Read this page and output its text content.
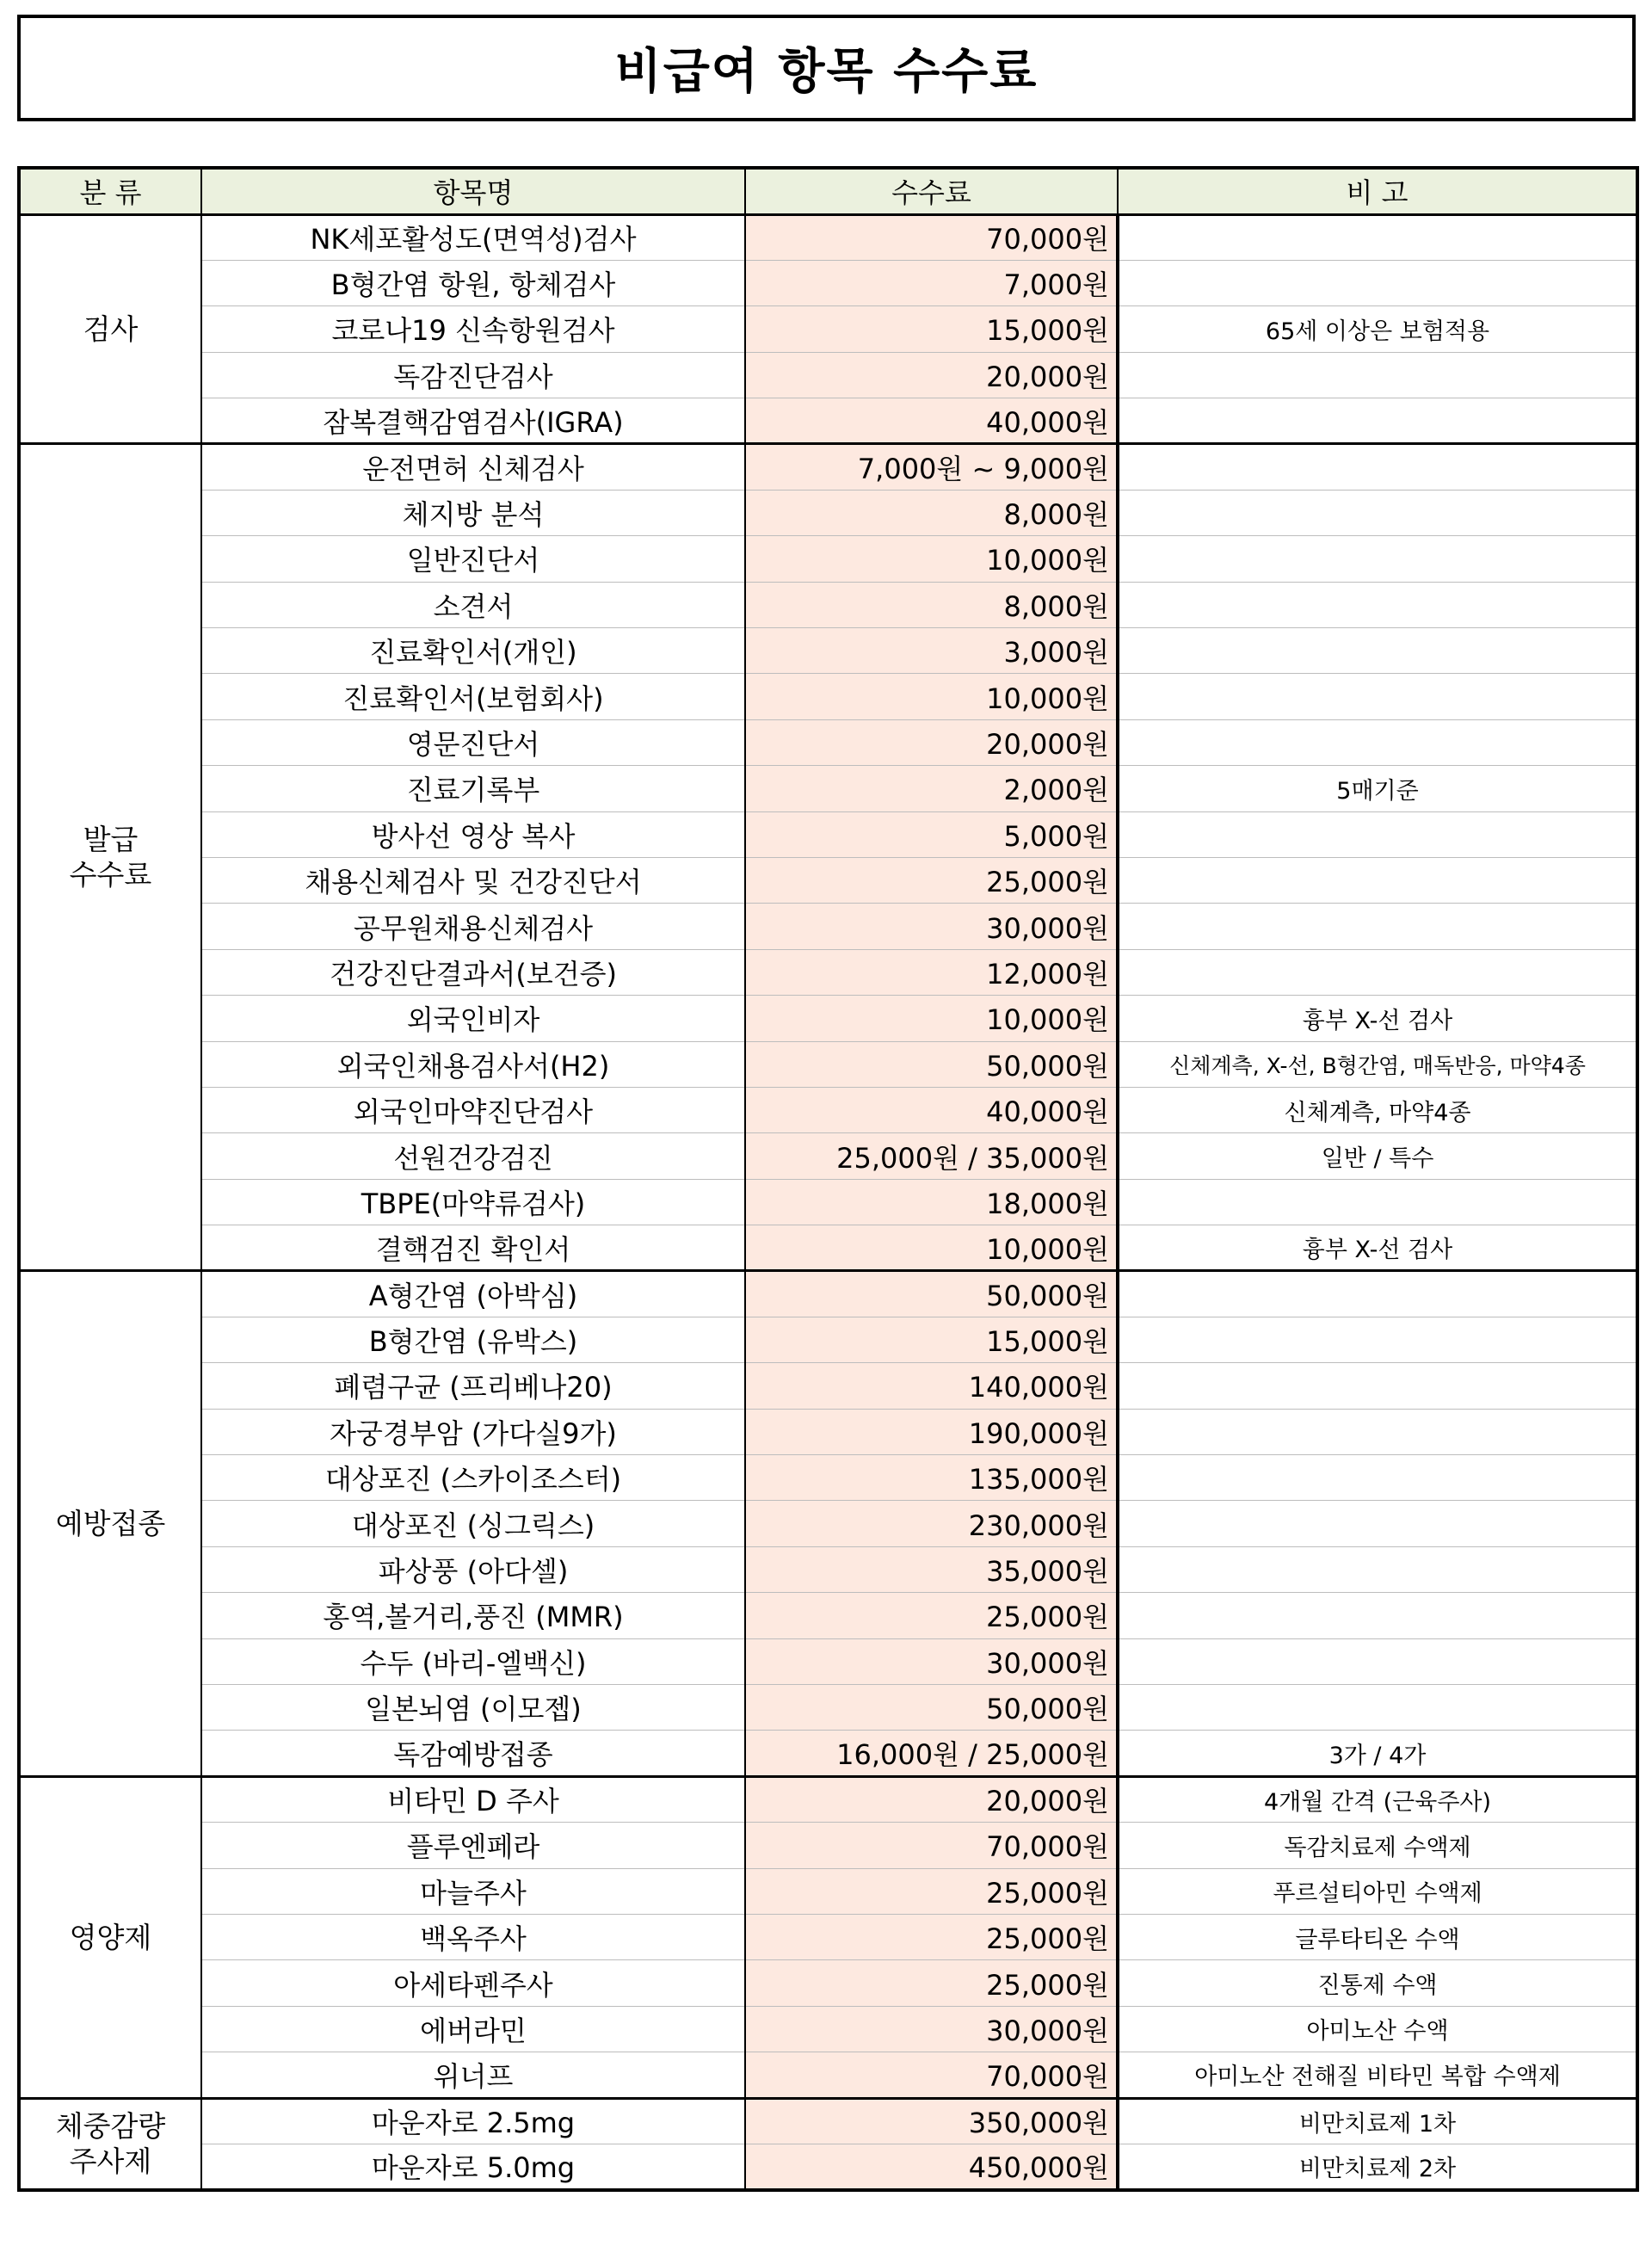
비급여 항목 수수료
분 류	항목명	수수료	비 고
검사	NK세포활성도(면역성)검사	70,000원	
	B형간염 항원, 항체검사	7,000원	
	코로나19 신속항원검사	15,000원	65세 이상은 보험적용
	독감진단검사	20,000원	
	잠복결핵감염검사(IGRA)	40,000원	
발급
수수료	운전면허 신체검사	7,000원 ~ 9,000원	
	체지방 분석	8,000원	
	일반진단서	10,000원	
	소견서	8,000원	
	진료확인서(개인)	3,000원	
	진료확인서(보험회사)	10,000원	
	영문진단서	20,000원	
	진료기록부	2,000원	5매기준
	방사선 영상 복사	5,000원	
	채용신체검사 및 건강진단서	25,000원	
	공무원채용신체검사	30,000원	
	건강진단결과서(보건증)	12,000원	
	외국인비자	10,000원	흉부 X-선 검사
	외국인채용검사서(H2)	50,000원	신체계측, X-선, B형간염, 매독반응, 마약4종
	외국인마약진단검사	40,000원	신체계측, 마약4종
	선원건강검진	25,000원 / 35,000원	일반 / 특수
	TBPE(마약류검사)	18,000원	
	결핵검진 확인서	10,000원	흉부 X-선 검사
예방접종	A형간염 (아박심)	50,000원	
	B형간염 (유박스)	15,000원	
	폐렴구균 (프리베나20)	140,000원	
	자궁경부암 (가다실9가)	190,000원	
	대상포진 (스카이조스터)	135,000원	
	대상포진 (싱그릭스)	230,000원	
	파상풍 (아다셀)	35,000원	
	홍역,볼거리,풍진 (MMR)	25,000원	
	수두 (바리-엘백신)	30,000원	
	일본뇌염 (이모젭)	50,000원	
	독감예방접종	16,000원 / 25,000원	3가 / 4가
영양제	비타민 D 주사	20,000원	4개월 간격 (근육주사)
	플루엔페라	70,000원	독감치료제 수액제
	마늘주사	25,000원	푸르설티아민 수액제
	백옥주사	25,000원	글루타티온 수액
	아세타펜주사	25,000원	진통제 수액
	에버라민	30,000원	아미노산 수액
	위너프	70,000원	아미노산 전해질 비타민 복합 수액제
체중감량
주사제	마운자로 2.5mg	350,000원	비만치료제 1차
	마운자로 5.0mg	450,000원	비만치료제 2차
